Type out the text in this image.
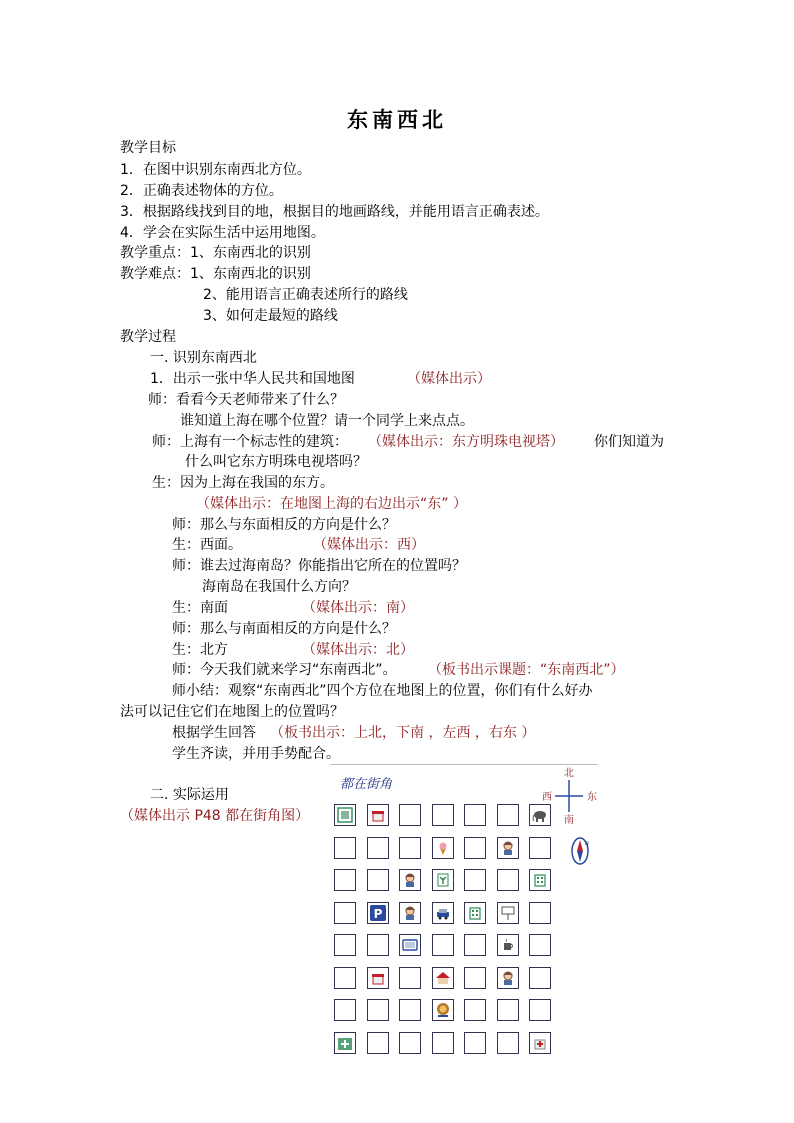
东南西北
教学目标
1．在图中识别东南西北方位。
2．正确表述物体的方位。
3．根据路线找到目的地，根据目的地画路线，并能用语言正确表述。
4．学会在实际生活中运用地图。
教学重点：1、东南西北的识别
教学难点：1、东南西北的识别
2、能用语言正确表述所行的路线
3、如何走最短的路线
教学过程
一. 识别东南西北
1．出示一张中华人民共和国地图	（媒体出示）
师：看看今天老师带来了什么？
谁知道上海在哪个位置？请一个同学上来点点。
师：上海有一个标志性的建筑： （媒体出示：东方明珠电视塔） 你们知道为
什么叫它东方明珠电视塔吗？
生：因为上海在我国的东方。
（媒体出示：在地图上海的右边出示“东” ）
师：那么与东面相反的方向是什么？
生：西面。	（媒体出示：西）
师：谁去过海南岛？你能指出它所在的位置吗？
海南岛在我国什么方向？
生：南面	（媒体出示：南）
师：那么与南面相反的方向是什么？
生：北方	（媒体出示：北）
师：今天我们就来学习“东南西北”。 （板书出示课题：“东南西北”）
师小结：观察“东南西北”四个方位在地图上的位置，你们有什么好办
法可以记住它们在地图上的位置吗？
根据学生回答 （板书出示：上北，下南 ，左西 ，右东 ）
学生齐读，并用手势配合。
二. 实际运用
（媒体出示 P48 都在街角图）
都在街角
北
南
西	东
N
P
